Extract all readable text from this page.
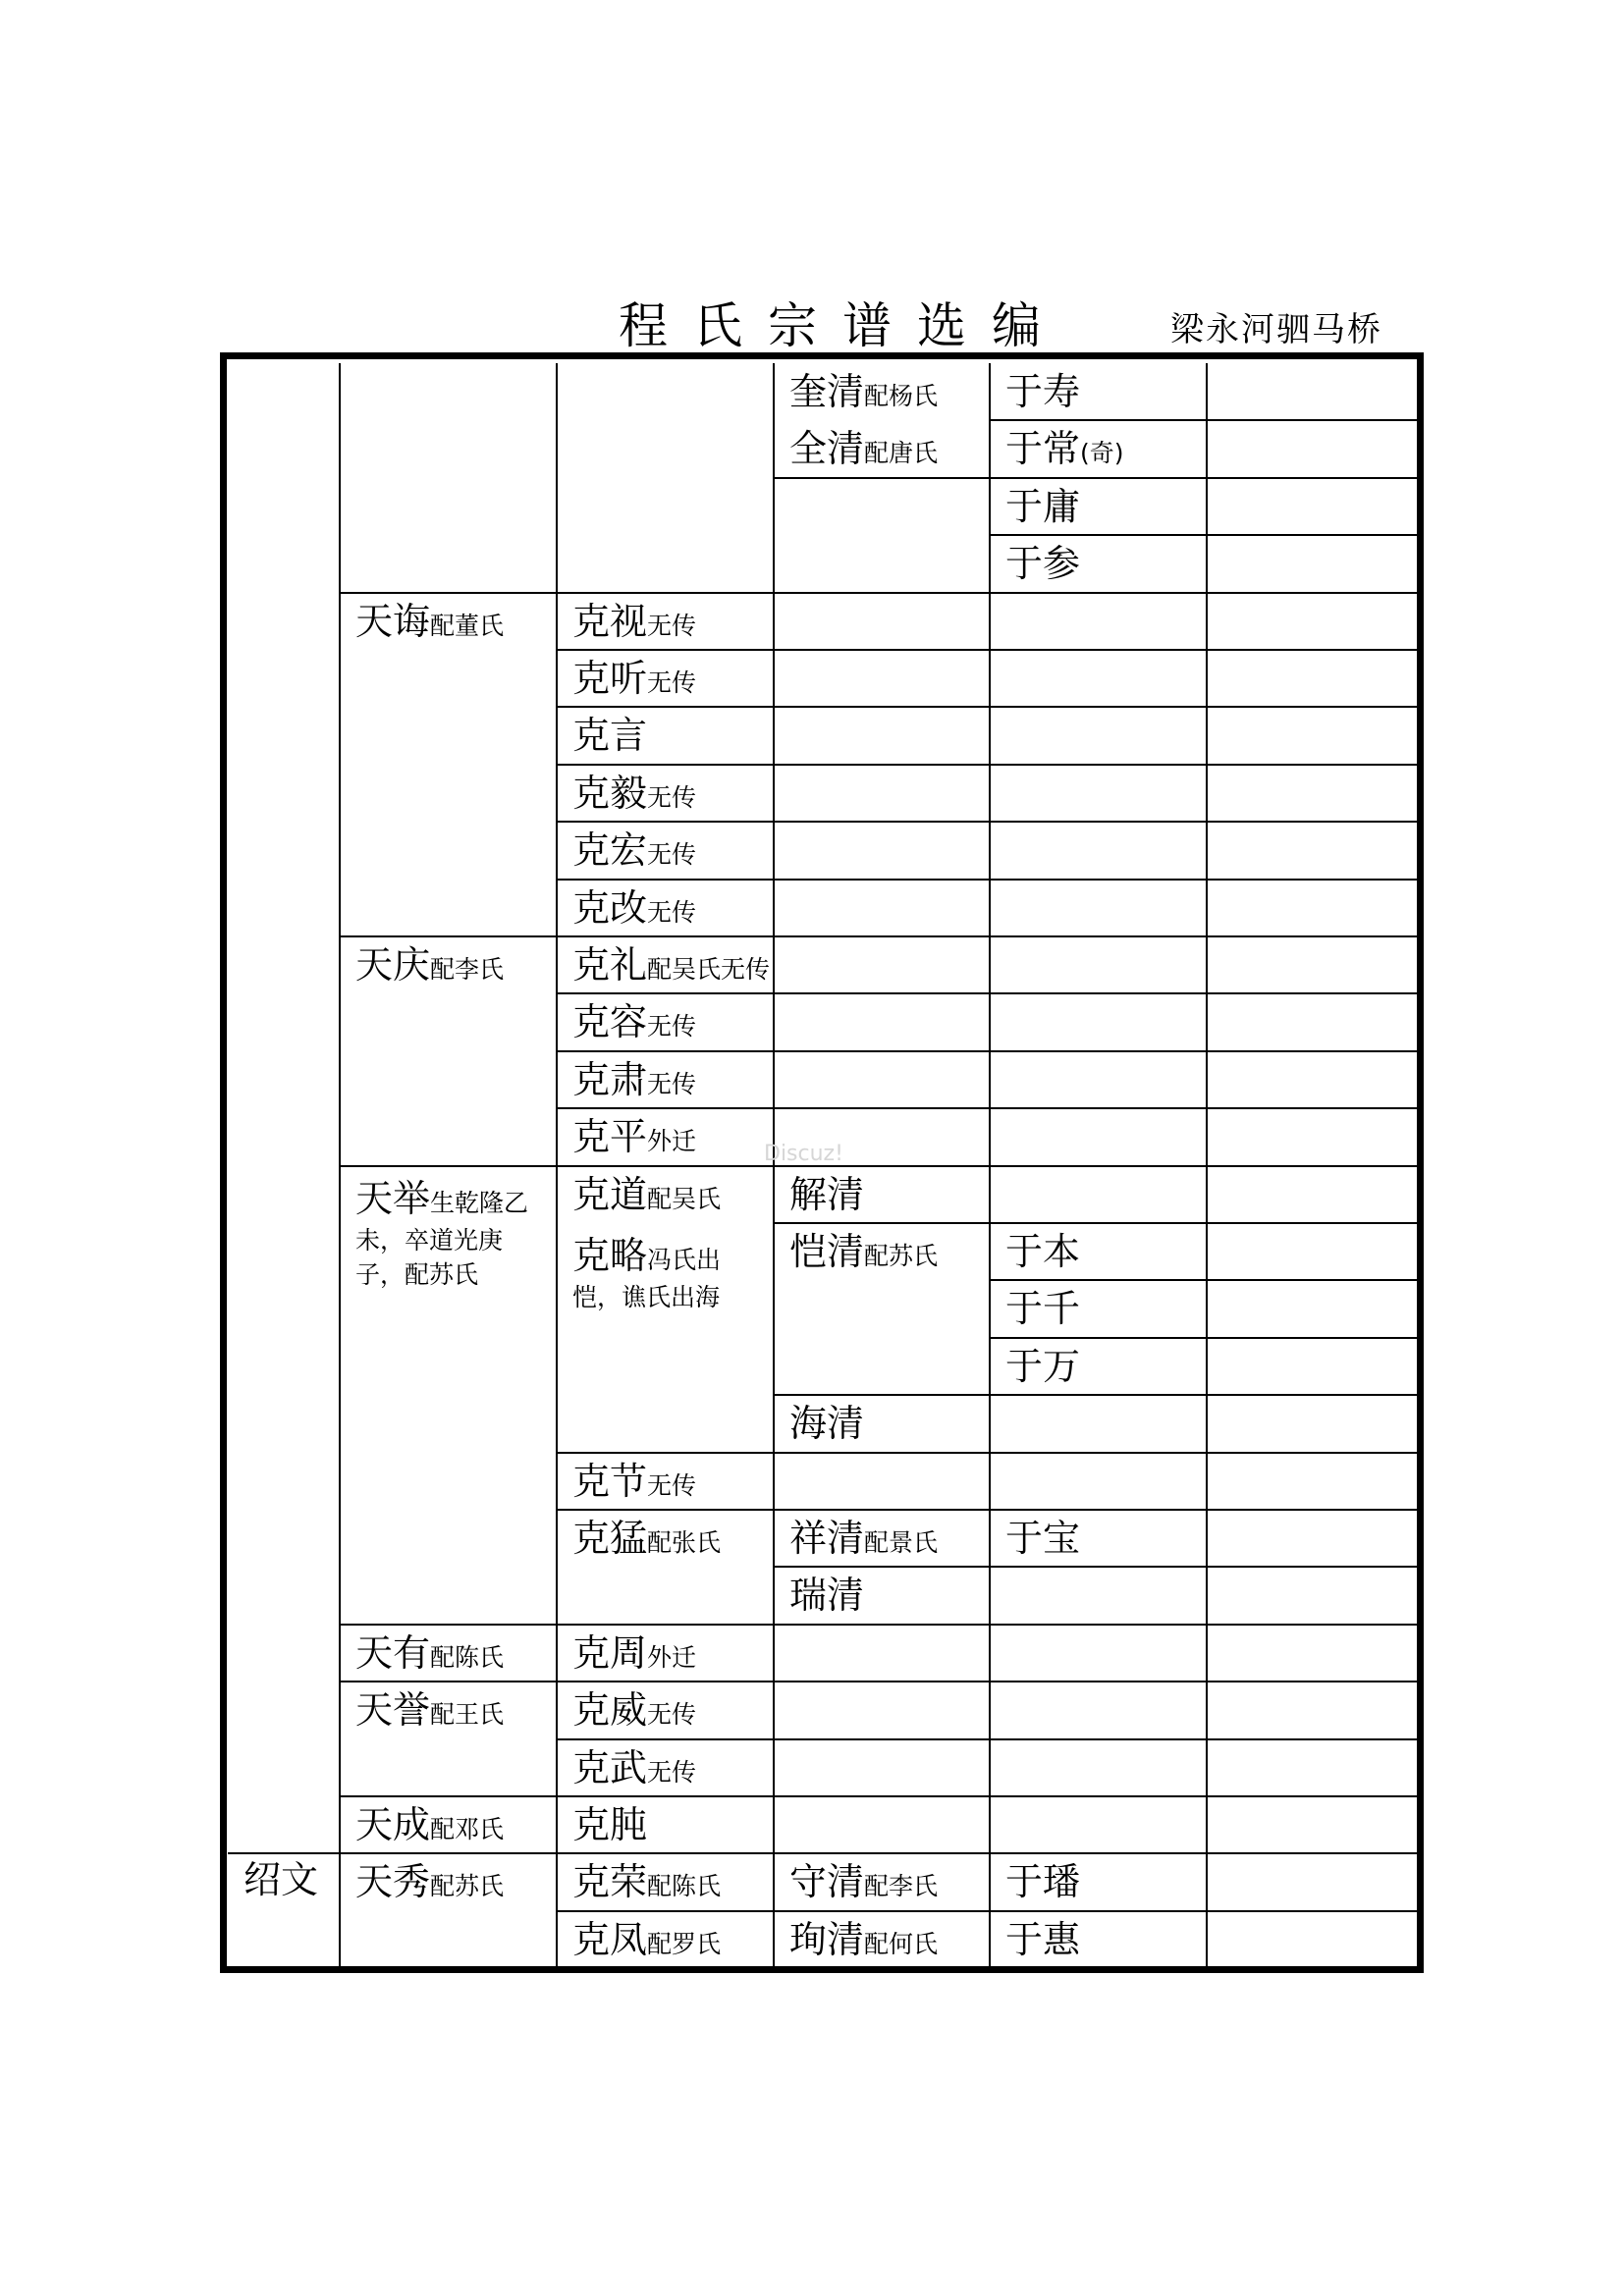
程氏宗谱选编	梁永河驷马桥
绍文
奎清配杨氏 于寿
全清配唐氏 于常(奇)
于庸
于参
天诲配董氏 克视无传
克听无传
克言
克毅无传
克宏无传
克改无传
天庆配李氏 克礼配吴氏无传
克容无传
克肃无传
克平外迁
天举生乾隆乙未，卒道光庚子，配苏氏
克道配吴氏 解清
克略冯氏出恺，谯氏出海
恺清配苏氏 于本
于千
于万
海清
克节无传
克猛配张氏 祥清配景氏 于宝
瑞清
天有配陈氏 克周外迁
天誉配王氏 克威无传
克武无传
天成配邓氏 克肫
天秀配苏氏 克荣配陈氏 守清配李氏 于璠
克凤配罗氏 珣清配何氏 于惠
Discuz!
